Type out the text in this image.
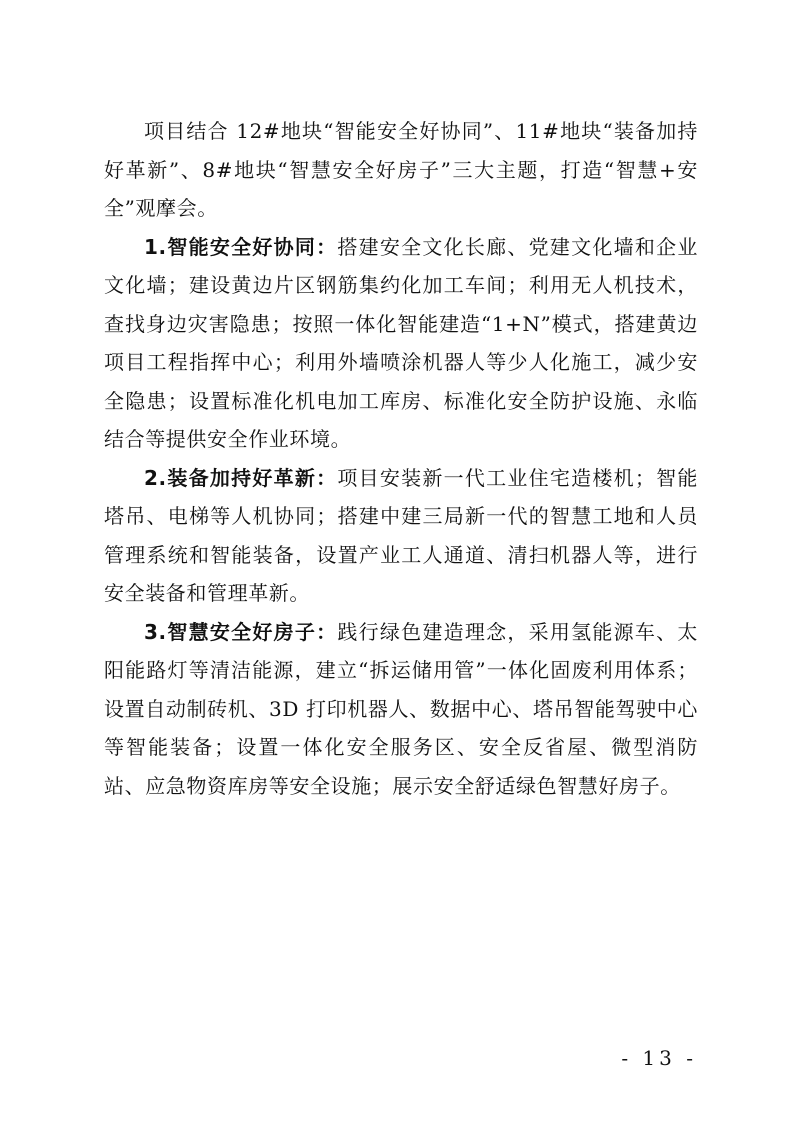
项目结合 12#地块“智能安全好协同”、11#地块“装备加持好革新”、8#地块“智慧安全好房子”三大主题，打造“智慧+安全”观摩会。

1.智能安全好协同：搭建安全文化长廊、党建文化墙和企业文化墙；建设黄边片区钢筋集约化加工车间；利用无人机技术，查找身边灾害隐患；按照一体化智能建造“1+N”模式，搭建黄边项目工程指挥中心；利用外墙喷涂机器人等少人化施工，减少安全隐患；设置标准化机电加工库房、标准化安全防护设施、永临结合等提供安全作业环境。

2.装备加持好革新：项目安装新一代工业住宅造楼机；智能塔吊、电梯等人机协同；搭建中建三局新一代的智慧工地和人员管理系统和智能装备，设置产业工人通道、清扫机器人等，进行安全装备和管理革新。

3.智慧安全好房子：践行绿色建造理念，采用氢能源车、太阳能路灯等清洁能源，建立“拆运储用管”一体化固废利用体系；设置自动制砖机、3D 打印机器人、数据中心、塔吊智能驾驶中心等智能装备；设置一体化安全服务区、安全反省屋、微型消防站、应急物资库房等安全设施；展示安全舒适绿色智慧好房子。

- 13 -
